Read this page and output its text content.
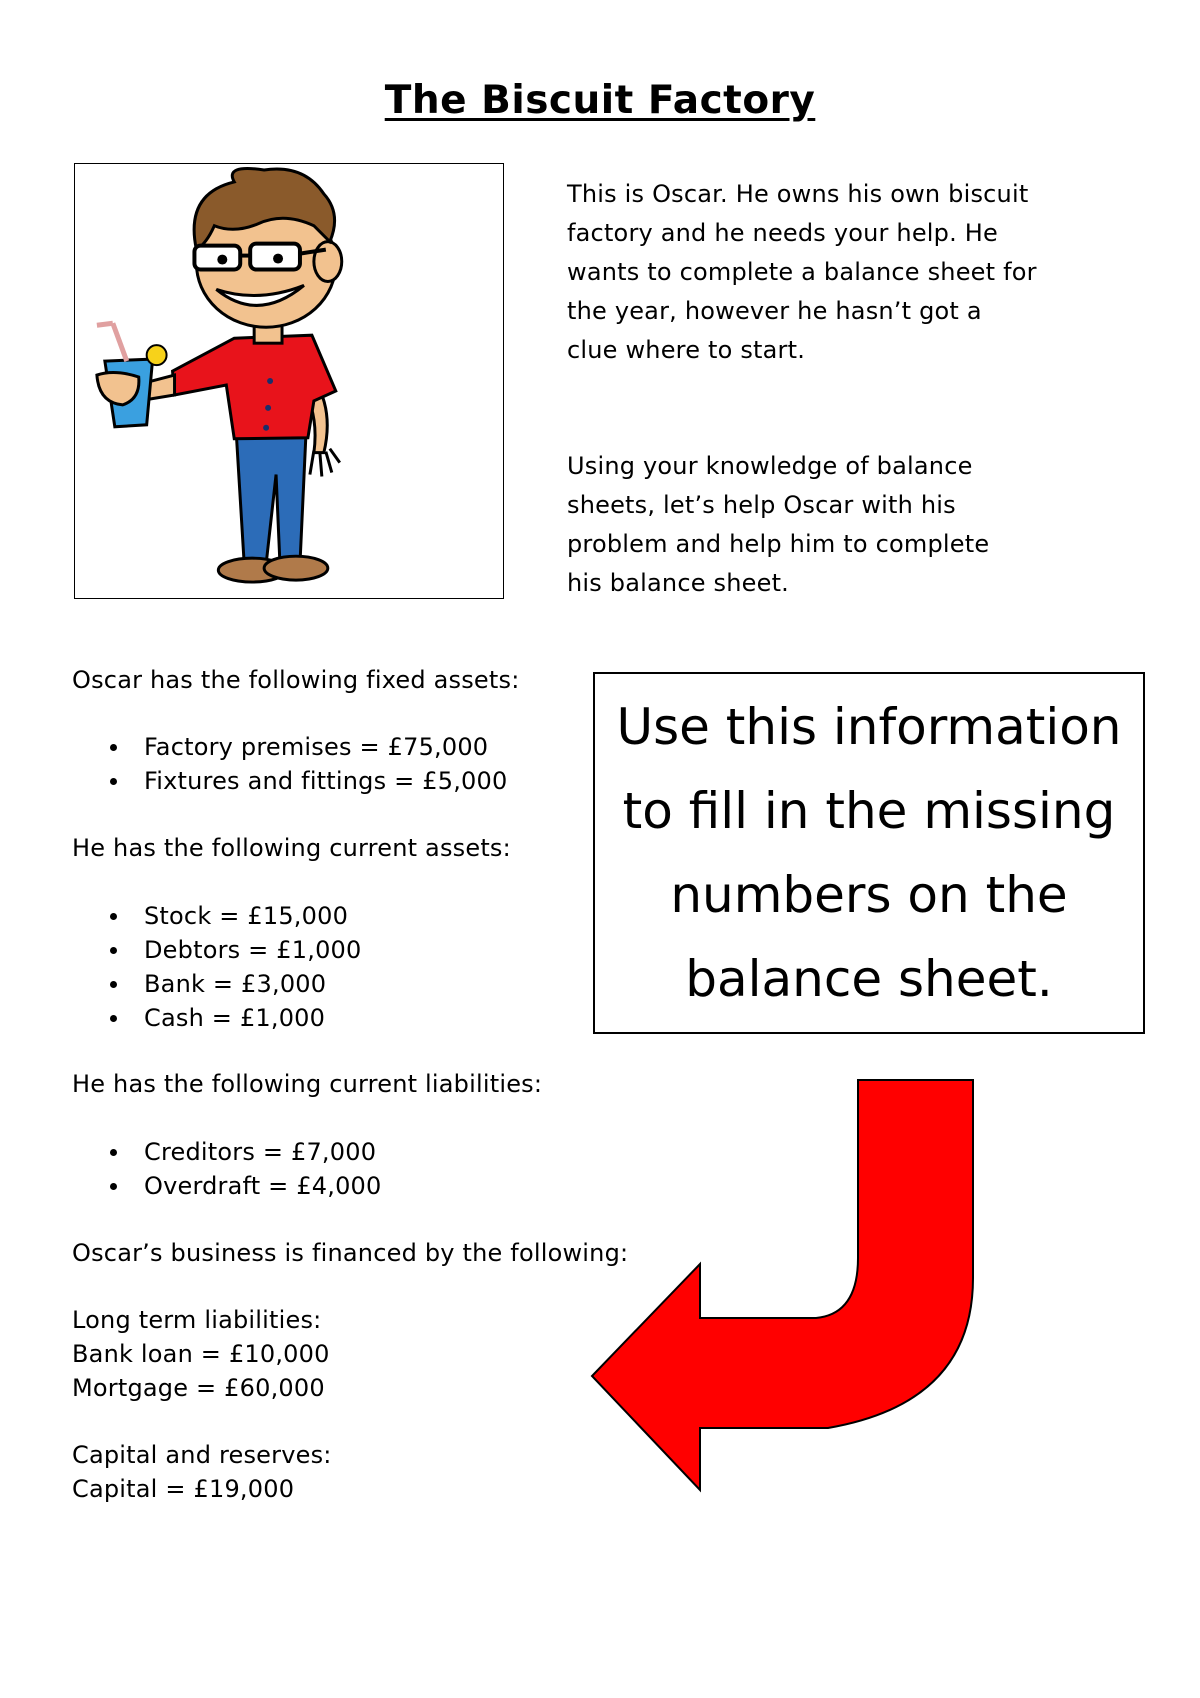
The Biscuit Factory
This is Oscar. He owns his own biscuit factory and he needs your help. He wants to complete a balance sheet for the year, however he hasn’t got a clue where to start.
Using your knowledge of balance sheets, let’s help Oscar with his problem and help him to complete his balance sheet.
Oscar has the following fixed assets:
Factory premises = £75,000
Fixtures and fittings = £5,000
He has the following current assets:
Stock = £15,000
Debtors = £1,000
Bank = £3,000
Cash = £1,000
He has the following current liabilities:
Creditors = £7,000
Overdraft = £4,000
Oscar’s business is financed by the following:
Long term liabilities:
Bank loan = £10,000
Mortgage = £60,000
Capital and reserves:
Capital = £19,000
Use this information to fill in the missing numbers on the balance sheet.
